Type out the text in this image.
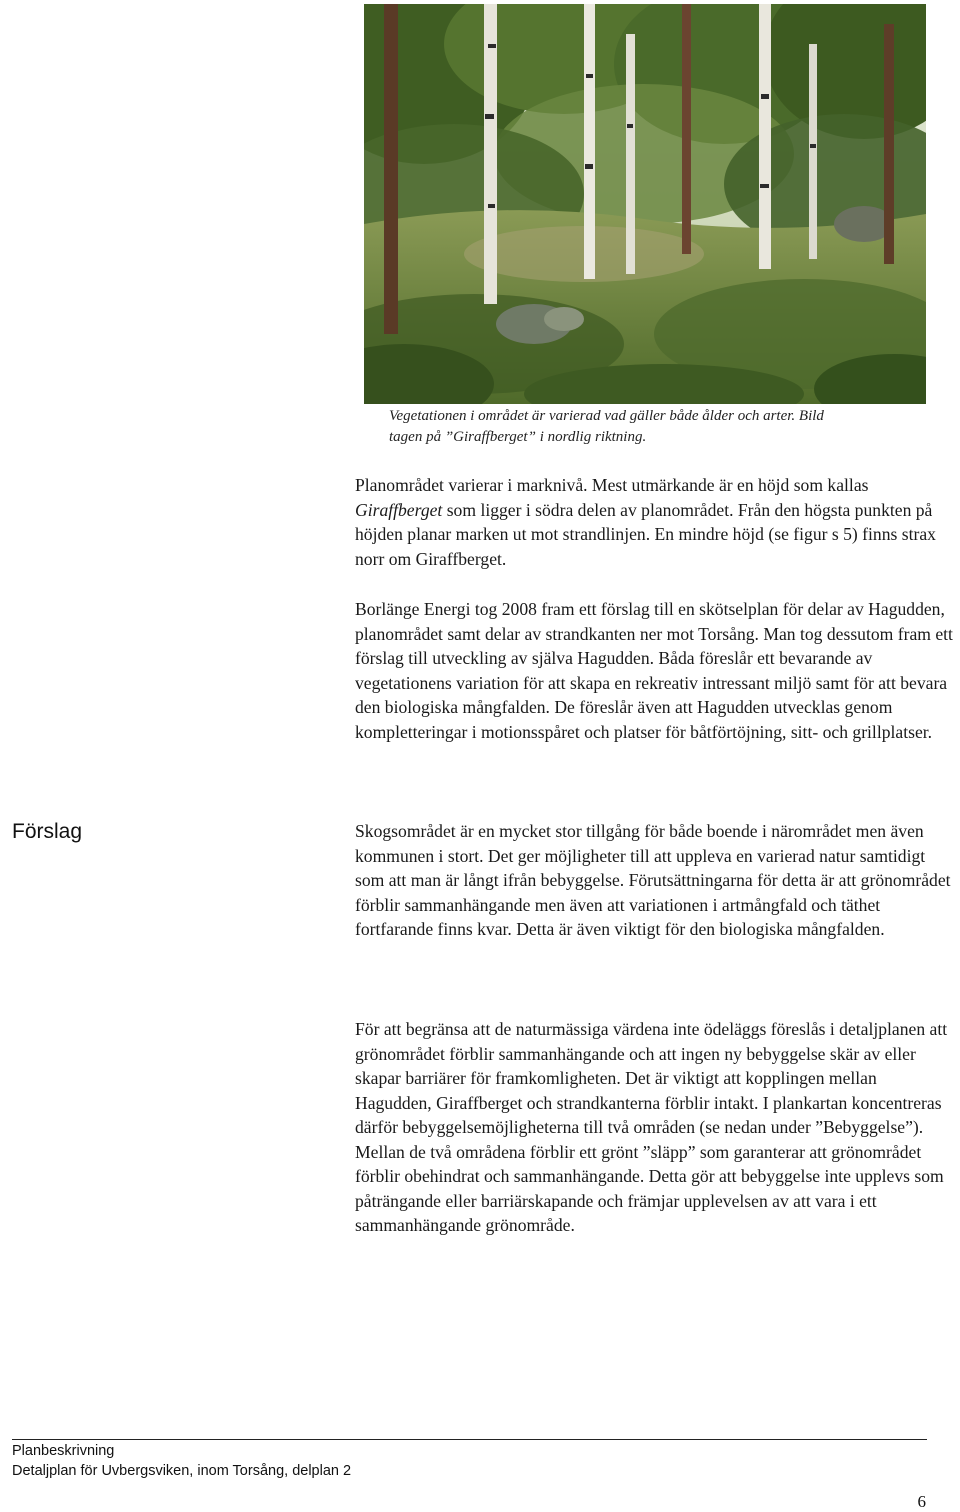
Vegetationen i området är varierad vad gäller både ålder och arter. Bild
tagen på ”Giraffberget” i nordlig riktning.

Planområdet varierar i marknivå. Mest utmärkande är en höjd som kallas Giraffberget som ligger i södra delen av planområdet. Från den högsta punkten på höjden planar marken ut mot strandlinjen. En mindre höjd (se figur s 5) finns strax norr om Giraffberget.

Borlänge Energi tog 2008 fram ett förslag till en skötselplan för delar av Hagudden, planområdet samt delar av strandkanten ner mot Torsång. Man tog dessutom fram ett förslag till utveckling av själva Hagudden. Båda föreslår ett bevarande av vegetationens variation för att skapa en rekreativ intressant miljö samt för att bevara den biologiska mångfalden. De föreslår även att Hagudden utvecklas genom kompletteringar i motionsspåret och platser för båtförtöjning, sitt- och grillplatser.

Förslag	Skogsområdet är en mycket stor tillgång för både boende i närområdet men även kommunen i stort. Det ger möjligheter till att uppleva en varierad natur samtidigt som att man är långt ifrån bebyggelse. Förutsättningarna för detta är att grönområdet förblir sammanhängande men även att variationen i artmångfald och täthet fortfarande finns kvar. Detta är även viktigt för den biologiska mångfalden.

För att begränsa att de naturmässiga värdena inte ödeläggs föreslås i detaljplanen att grönområdet förblir sammanhängande och att ingen ny bebyggelse skär av eller skapar barriärer för framkomligheten. Det är viktigt att kopplingen mellan Hagudden, Giraffberget och strandkanterna förblir intakt. I plankartan koncentreras därför bebyggelsemöjligheterna till två områden (se nedan under ”Bebyggelse”). Mellan de två områdena förblir ett grönt ”släpp” som garanterar att grönområdet förblir obehindrat och sammanhängande. Detta gör att bebyggelse inte upplevs som påträngande eller barriärskapande och främjar upplevelsen av att vara i ett sammanhängande grönområde.

Planbeskrivning
Detaljplan för Uvbergsviken, inom Torsång, delplan 2
6
